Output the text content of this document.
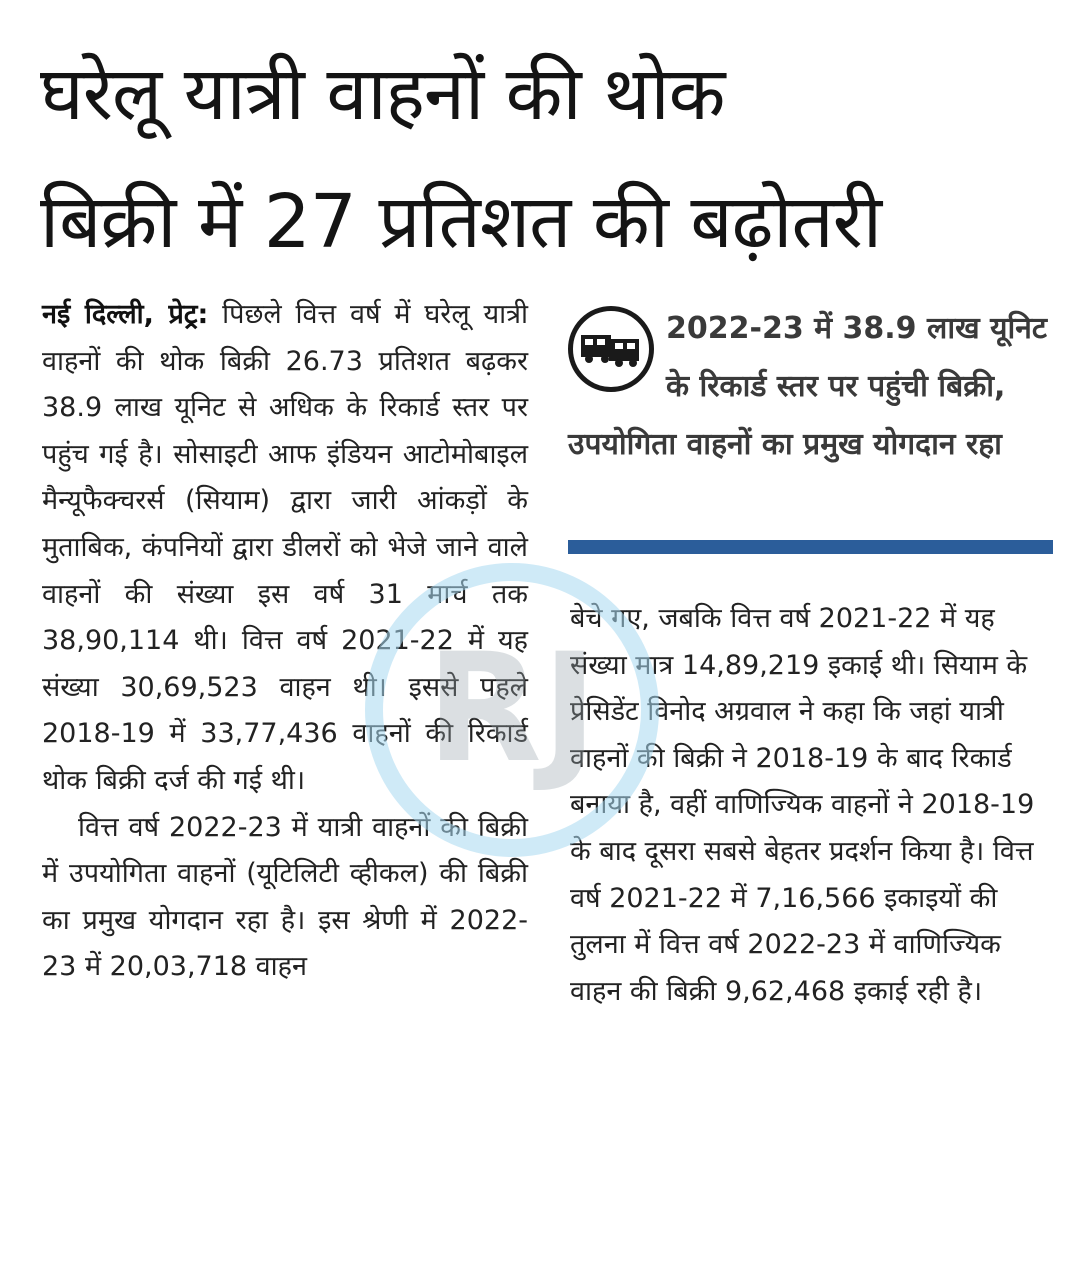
घरेलू यात्री वाहनों की थोक
बिक्री में 27 प्रतिशत की बढ़ोतरी

नई दिल्ली, प्रेट्र: पिछले वित्त वर्ष में घरेलू यात्री वाहनों की थोक बिक्री 26.73 प्रतिशत बढ़कर 38.9 लाख यूनिट से अधिक के रिकार्ड स्तर पर पहुंच गई है। सोसाइटी आफ इंडियन आटोमोबाइल मैन्यूफैक्चरर्स (सियाम) द्वारा जारी आंकड़ों के मुताबिक, कंपनियों द्वारा डीलरों को भेजे जाने वाले वाहनों की संख्या इस वर्ष 31 मार्च तक 38,90,114 थी। वित्त वर्ष 2021-22 में यह संख्या 30,69,523 वाहन थी। इससे पहले 2018-19 में 33,77,436 वाहनों की रिकार्ड थोक बिक्री दर्ज की गई थी।

वित्त वर्ष 2022-23 में यात्री वाहनों की बिक्री में उपयोगिता वाहनों (यूटिलिटी व्हीकल) की बिक्री का प्रमुख योगदान रहा है। इस श्रेणी में 2022-23 में 20,03,718 वाहन

2022-23 में 38.9 लाख यूनिट के रिकार्ड स्तर पर पहुंची बिक्री, उपयोगिता वाहनों का प्रमुख योगदान रहा

बेचे गए, जबकि वित्त वर्ष 2021-22 में यह संख्या मात्र 14,89,219 इकाई थी। सियाम के प्रेसिडेंट विनोद अग्रवाल ने कहा कि जहां यात्री वाहनों की बिक्री ने 2018-19 के बाद रिकार्ड बनाया है, वहीं वाणिज्यिक वाहनों ने 2018-19 के बाद दूसरा सबसे बेहतर प्रदर्शन किया है। वित्त वर्ष 2021-22 में 7,16,566 इकाइयों की तुलना में वित्त वर्ष 2022-23 में वाणिज्यिक वाहन की बिक्री 9,62,468 इकाई रही है।

RJ
